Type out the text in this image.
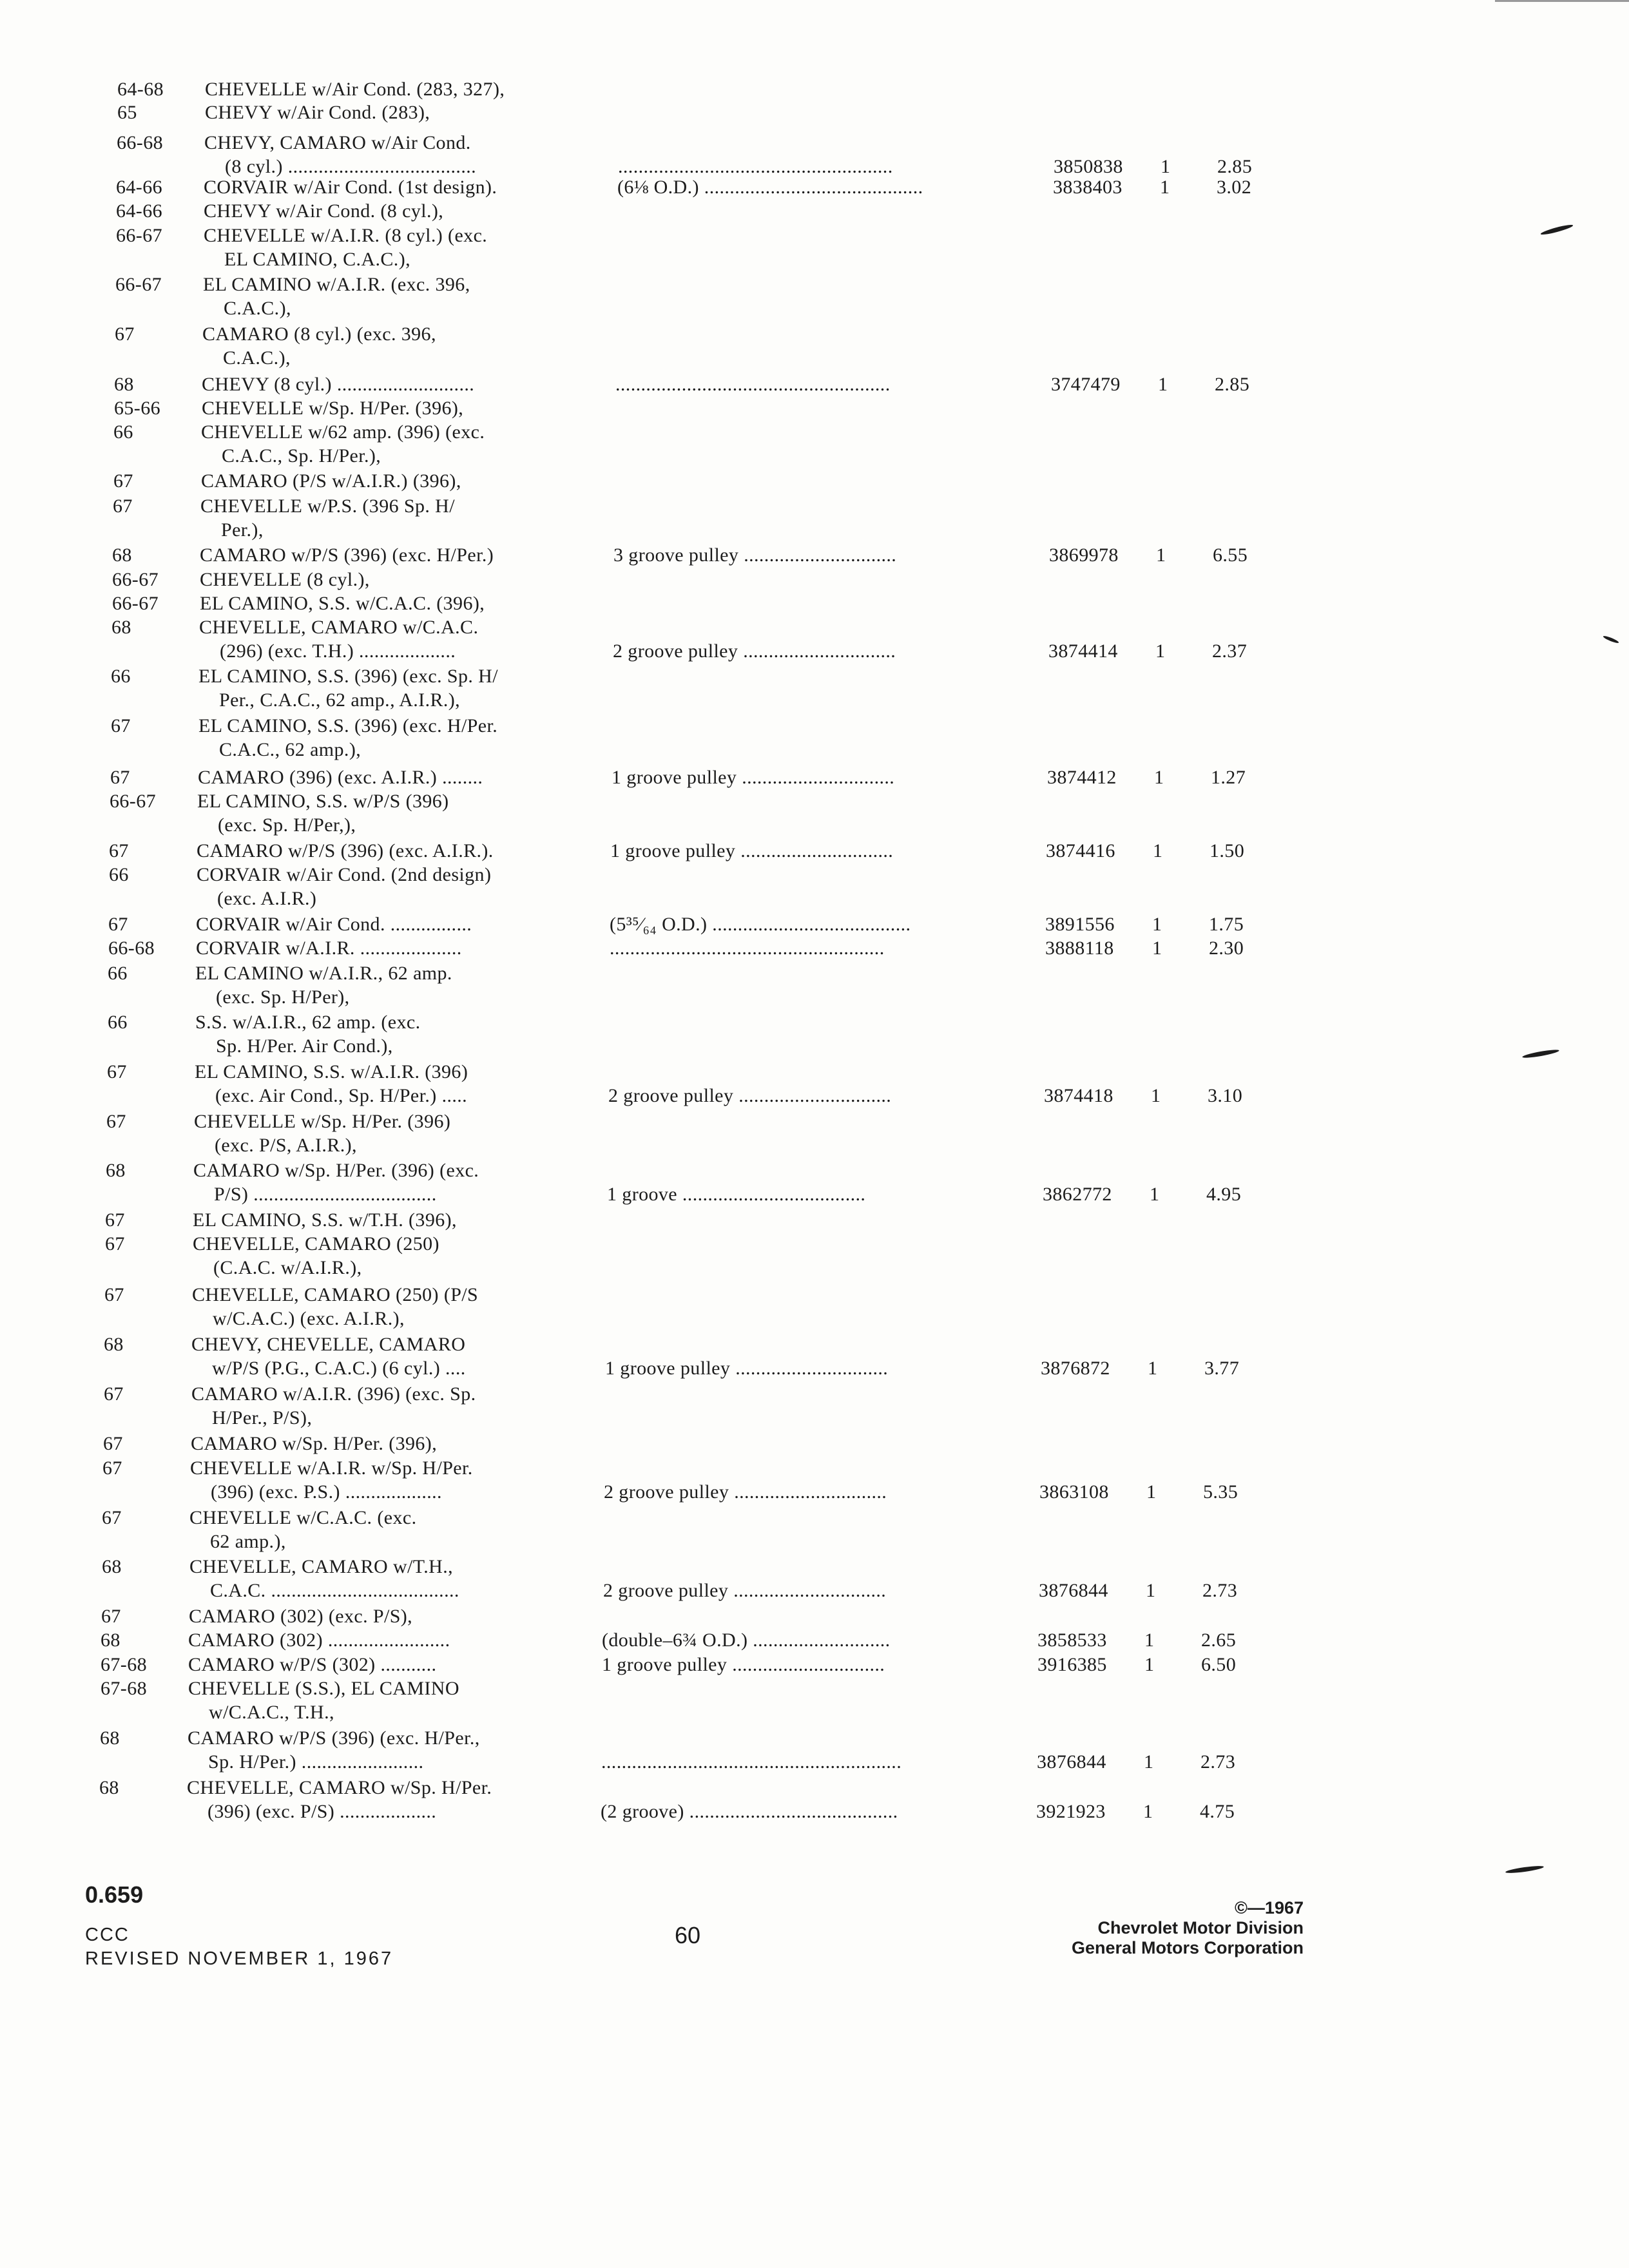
64-68 CHEVELLE w/Air Cond. (283, 327),
65	CHEVY w/Air Cond. (283),
66-68 CHEVY, CAMARO w/Air Cond.
(8 cyl.) .....................................	......................................................	3850838 1 2.85
64-66 CORVAIR w/Air Cond. (1st design).	(6⅛ O.D.) ...........................................	3838403 1 3.02
64-66 CHEVY w/Air Cond. (8 cyl.),
66-67 CHEVELLE w/A.I.R. (8 cyl.) (exc.
EL CAMINO, C.A.C.),
66-67 EL CAMINO w/A.I.R. (exc. 396,
C.A.C.),
67	CAMARO (8 cyl.) (exc. 396,
C.A.C.),
68	CHEVY (8 cyl.) ...........................	......................................................	3747479 1 2.85
65-66 CHEVELLE w/Sp. H/Per. (396),
66	CHEVELLE w/62 amp. (396) (exc.
C.A.C., Sp. H/Per.),
67	CAMARO (P/S w/A.I.R.) (396),
67	CHEVELLE w/P.S. (396 Sp. H/
Per.),
68	CAMARO w/P/S (396) (exc. H/Per.)	3 groove pulley ..............................	3869978 1 6.55
66-67 CHEVELLE (8 cyl.),
66-67 EL CAMINO, S.S. w/C.A.C. (396),
68	CHEVELLE, CAMARO w/C.A.C.
(296) (exc. T.H.) ...................	2 groove pulley ..............................	3874414 1 2.37
66	EL CAMINO, S.S. (396) (exc. Sp. H/
Per., C.A.C., 62 amp., A.I.R.),
67	EL CAMINO, S.S. (396) (exc. H/Per.
C.A.C., 62 amp.),
67	CAMARO (396) (exc. A.I.R.) ........	1 groove pulley ..............................	3874412 1 1.27
66-67 EL CAMINO, S.S. w/P/S (396)
(exc. Sp. H/Per,),
67	CAMARO w/P/S (396) (exc. A.I.R.).	1 groove pulley ..............................	3874416 1 1.50
66	CORVAIR w/Air Cond. (2nd design)
(exc. A.I.R.)
67	CORVAIR w/Air Cond. ................	(5³⁵⁄₆₄ O.D.) .......................................	3891556 1 1.75
66-68 CORVAIR w/A.I.R. ....................	......................................................	3888118 1 2.30
66	EL CAMINO w/A.I.R., 62 amp.
(exc. Sp. H/Per),
66	S.S. w/A.I.R., 62 amp. (exc.
Sp. H/Per. Air Cond.),
67	EL CAMINO, S.S. w/A.I.R. (396)
(exc. Air Cond., Sp. H/Per.) .....	2 groove pulley ..............................	3874418 1 3.10
67	CHEVELLE w/Sp. H/Per. (396)
(exc. P/S, A.I.R.),
68	CAMARO w/Sp. H/Per. (396) (exc.
P/S) ....................................	1 groove ....................................	3862772 1 4.95
67	EL CAMINO, S.S. w/T.H. (396),
67	CHEVELLE, CAMARO (250)
(C.A.C. w/A.I.R.),
67	CHEVELLE, CAMARO (250) (P/S
w/C.A.C.) (exc. A.I.R.),
68	CHEVY, CHEVELLE, CAMARO
w/P/S (P.G., C.A.C.) (6 cyl.) ....	1 groove pulley ..............................	3876872 1 3.77
67	CAMARO w/A.I.R. (396) (exc. Sp.
H/Per., P/S),
67	CAMARO w/Sp. H/Per. (396),
67	CHEVELLE w/A.I.R. w/Sp. H/Per.
(396) (exc. P.S.) ...................	2 groove pulley ..............................	3863108 1 5.35
67	CHEVELLE w/C.A.C. (exc.
62 amp.),
68	CHEVELLE, CAMARO w/T.H.,
C.A.C. .....................................	2 groove pulley ..............................	3876844 1 2.73
67	CAMARO (302) (exc. P/S),
68	CAMARO (302) ........................	(double–6¾ O.D.) ...........................	3858533 1 2.65
67-68 CAMARO w/P/S (302) ...........	1 groove pulley ..............................	3916385 1 6.50
67-68 CHEVELLE (S.S.), EL CAMINO
w/C.A.C., T.H.,
68	CAMARO w/P/S (396) (exc. H/Per.,
Sp. H/Per.) ........................	...........................................................	3876844 1 2.73
68	CHEVELLE, CAMARO w/Sp. H/Per.
(396) (exc. P/S) ...................	(2 groove) .........................................	3921923 1 4.75
0.659
CCC
REVISED NOVEMBER 1, 1967
60
©—1967
Chevrolet Motor Division
General Motors Corporation
